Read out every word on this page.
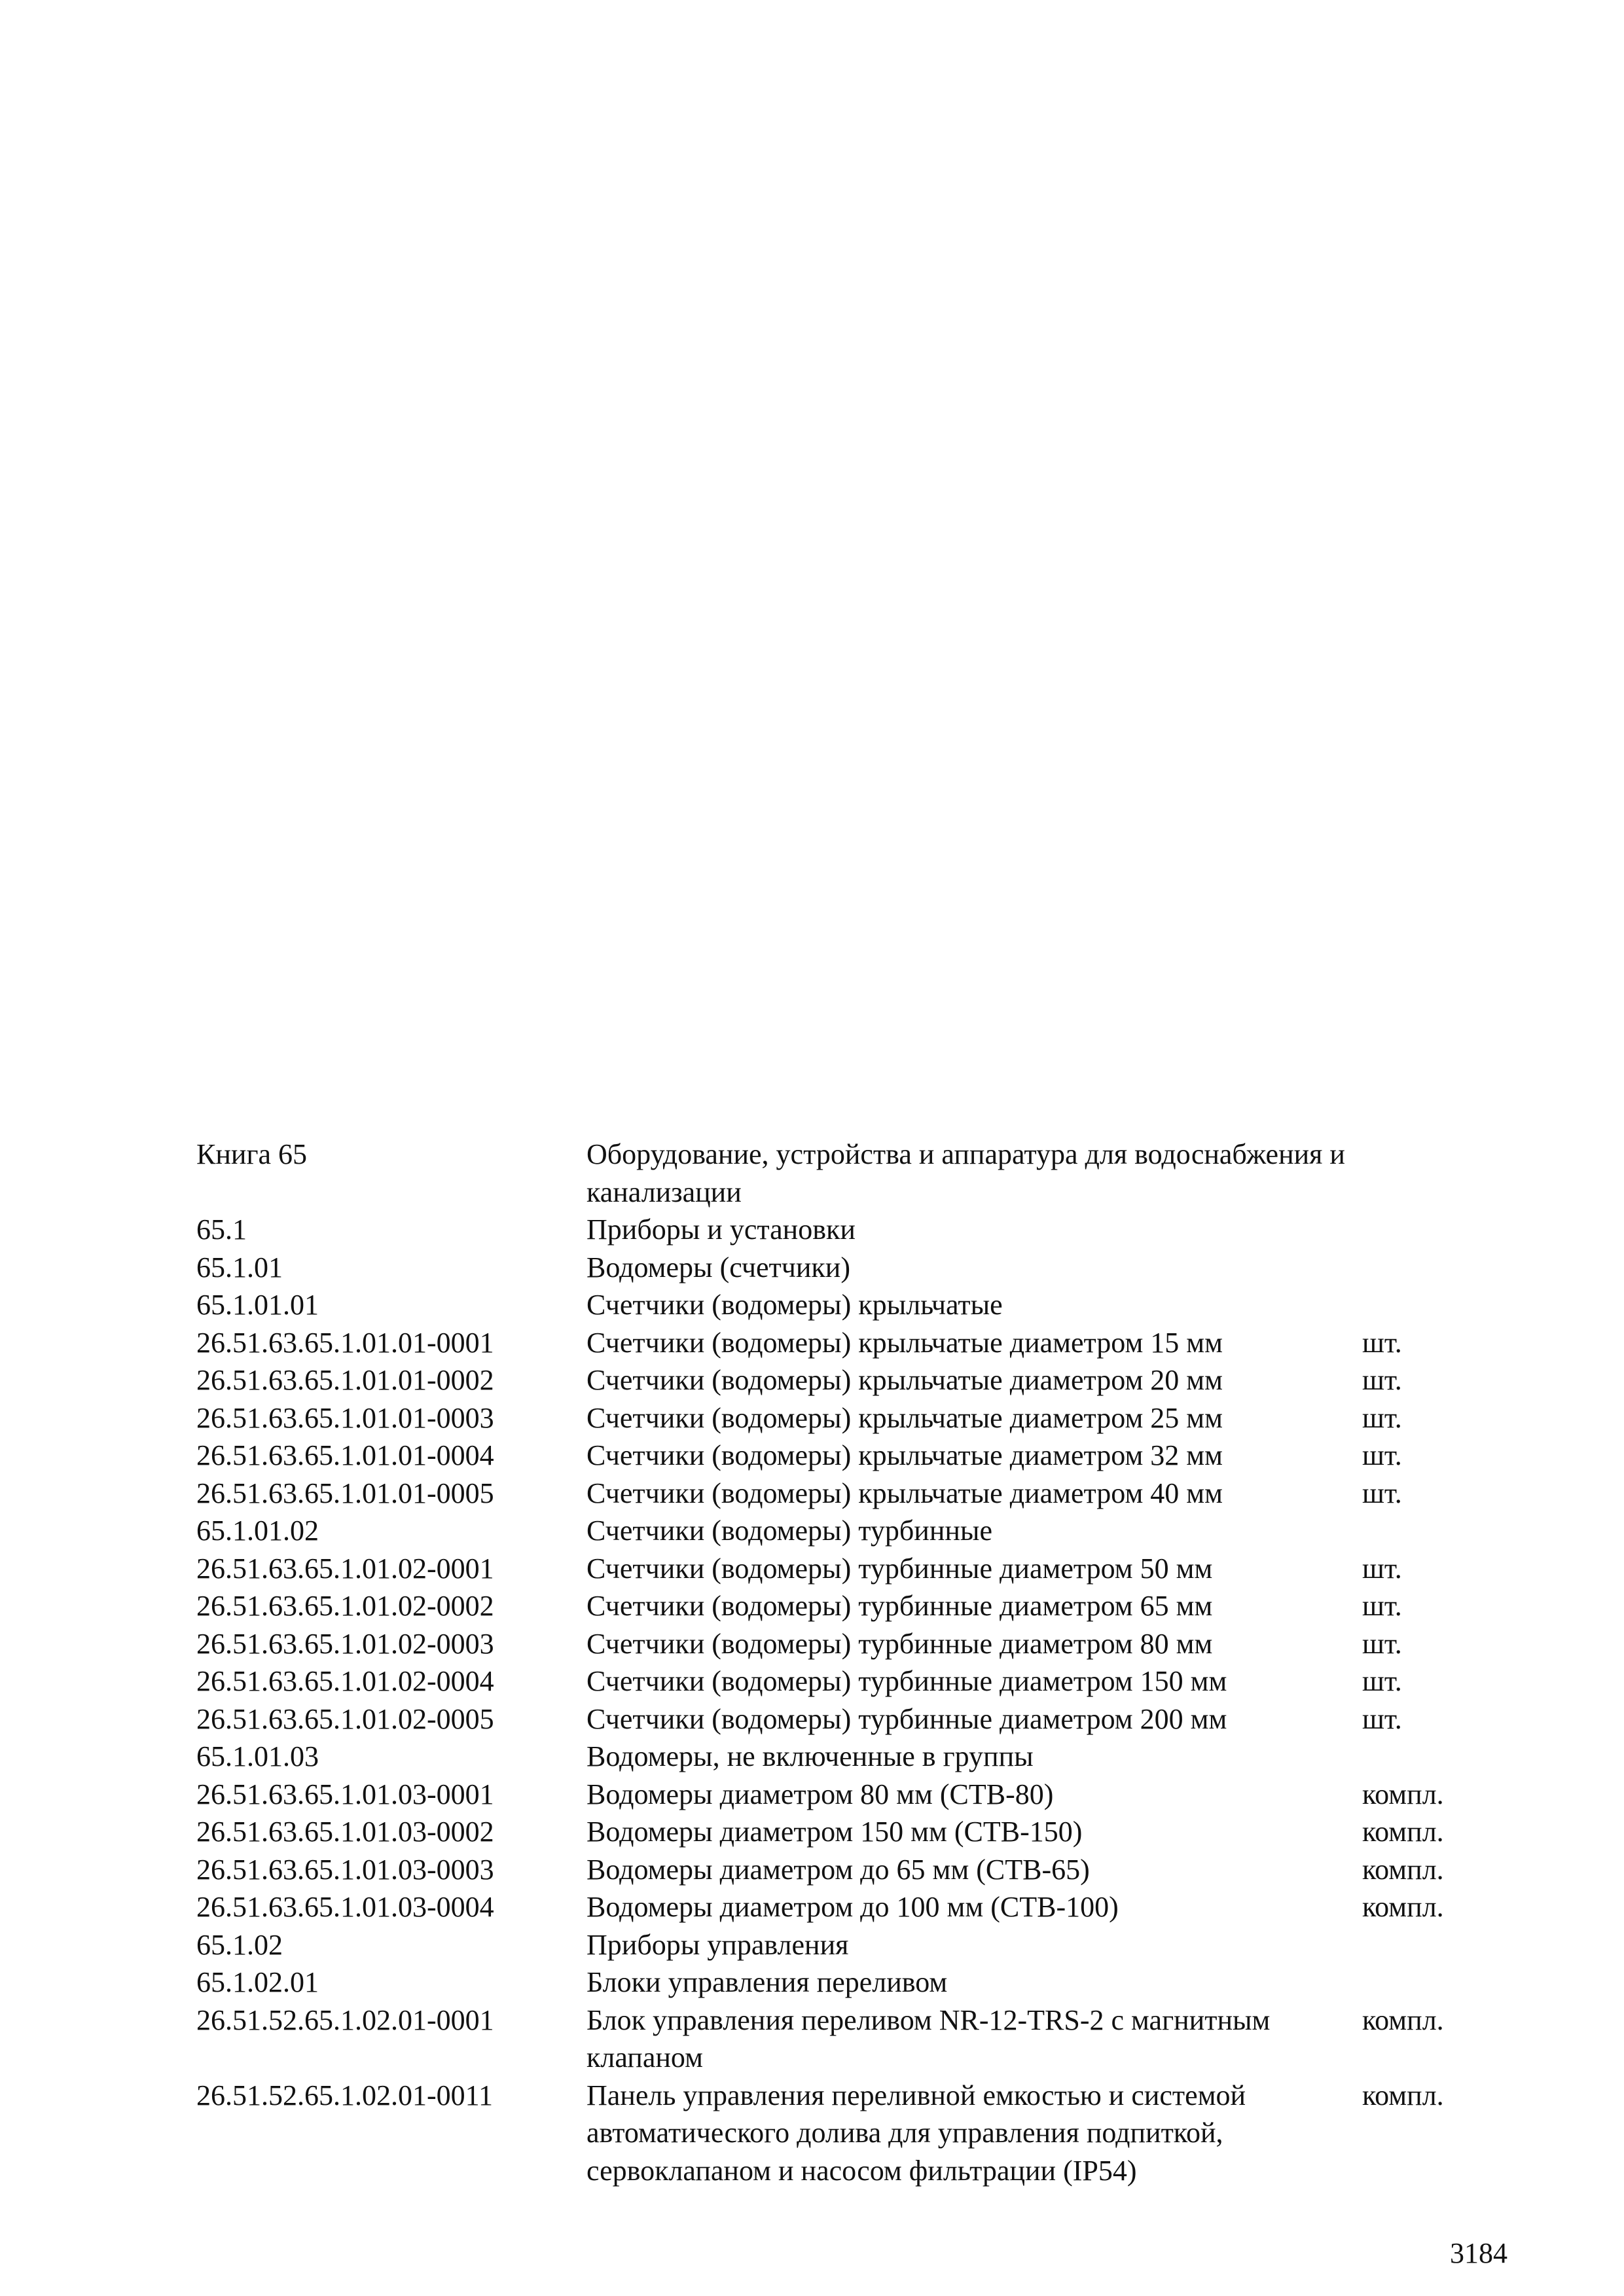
Книга 65	Оборудование, устройства и аппаратура для водоснабжения и канализации	
65.1	Приборы и установки	
65.1.01	Водомеры (счетчики)	
65.1.01.01	Счетчики (водомеры) крыльчатые	
26.51.63.65.1.01.01-0001	Счетчики (водомеры) крыльчатые диаметром 15 мм	шт.
26.51.63.65.1.01.01-0002	Счетчики (водомеры) крыльчатые диаметром 20 мм	шт.
26.51.63.65.1.01.01-0003	Счетчики (водомеры) крыльчатые диаметром 25 мм	шт.
26.51.63.65.1.01.01-0004	Счетчики (водомеры) крыльчатые диаметром 32 мм	шт.
26.51.63.65.1.01.01-0005	Счетчики (водомеры) крыльчатые диаметром 40 мм	шт.
65.1.01.02	Счетчики (водомеры) турбинные	
26.51.63.65.1.01.02-0001	Счетчики (водомеры) турбинные диаметром 50 мм	шт.
26.51.63.65.1.01.02-0002	Счетчики (водомеры) турбинные диаметром 65 мм	шт.
26.51.63.65.1.01.02-0003	Счетчики (водомеры) турбинные диаметром 80 мм	шт.
26.51.63.65.1.01.02-0004	Счетчики (водомеры) турбинные диаметром 150 мм	шт.
26.51.63.65.1.01.02-0005	Счетчики (водомеры) турбинные диаметром 200 мм	шт.
65.1.01.03	Водомеры, не включенные в группы	
26.51.63.65.1.01.03-0001	Водомеры диаметром 80 мм (СТВ-80)	компл.
26.51.63.65.1.01.03-0002	Водомеры диаметром 150 мм (СТВ-150)	компл.
26.51.63.65.1.01.03-0003	Водомеры диаметром до 65 мм (СТВ-65)	компл.
26.51.63.65.1.01.03-0004	Водомеры диаметром до 100 мм (СТВ-100)	компл.
65.1.02	Приборы управления	
65.1.02.01	Блоки управления переливом	
26.51.52.65.1.02.01-0001	Блок управления переливом NR-12-TRS-2 с магнитным клапаном	компл.
26.51.52.65.1.02.01-0011	Панель управления переливной емкостью и системой автоматического долива для управления подпиткой, сервоклапаном и насосом фильтрации (IP54)	компл.
3184
